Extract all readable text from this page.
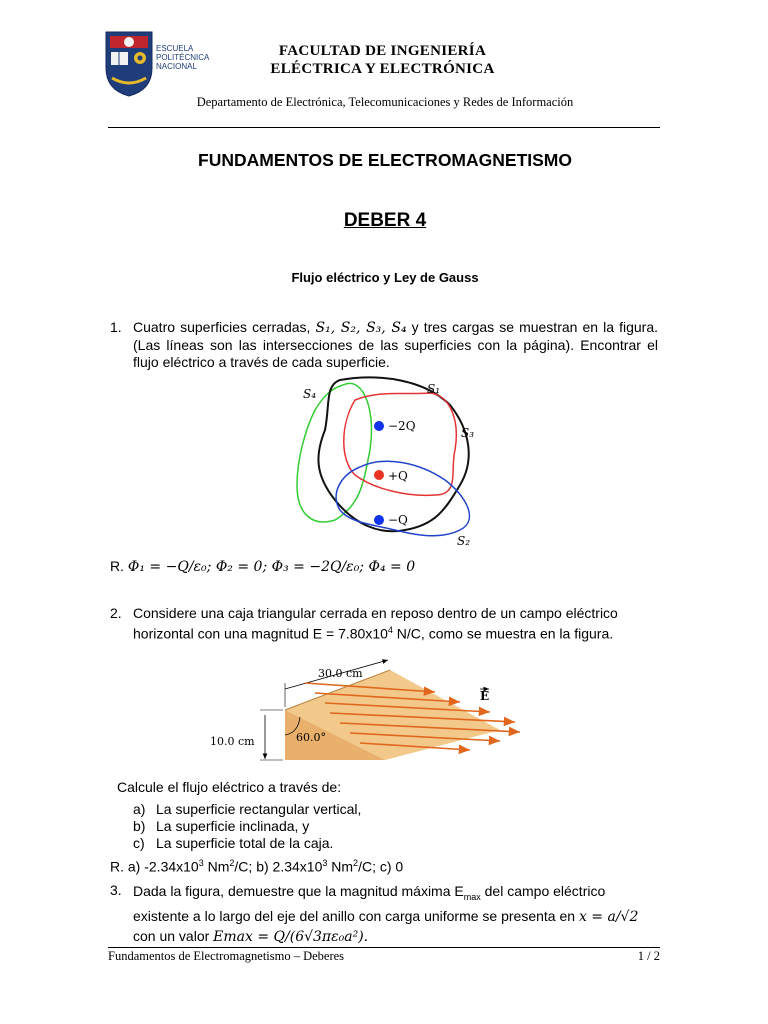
ESCUELA
POLITÉCNICA
NACIONAL
FACULTAD DE INGENIERÍA
ELÉCTRICA Y ELECTRÓNICA
Departamento de Electrónica, Telecomunicaciones y Redes de Información
FUNDAMENTOS DE ELECTROMAGNETISMO
DEBER 4
Flujo eléctrico y Ley de Gauss
1. Cuatro superficies cerradas, S₁, S₂, S₃, S₄ y tres cargas se muestran en la figura. (Las líneas son las intersecciones de las superficies con la página). Encontrar el flujo eléctrico a través de cada superficie.
S₄	S₁
S₃
S₂
−2Q
+Q
−Q
R. Φ₁ = −Q/ε₀; Φ₂ = 0; Φ₃ = −2Q/ε₀; Φ₄ = 0
2. Considere una caja triangular cerrada en reposo dentro de un campo eléctrico
horizontal con una magnitud $E = 7.80x10^4$ N/C, como se muestra en la figura.
30.0 cm
10.0 cm	60.0°
E
Calcule el flujo eléctrico a través de:
a) La superficie rectangular vertical,
b) La superficie inclinada, y
c) La superficie total de la caja.
R. a) $-2.34x10^3$ Nm$^2$/C; b) $2.34x10^3$ Nm$^2$/C; c) 0
3. Dada la figura, demuestre que la magnitud máxima $E_{max}$ del campo eléctrico
existente a lo largo del eje del anillo con carga uniforme se presenta en x = a/√2
con un valor Emax = Q/(6√3πε₀a²).
Fundamentos de Electromagnetismo – Deberes	1 / 2
